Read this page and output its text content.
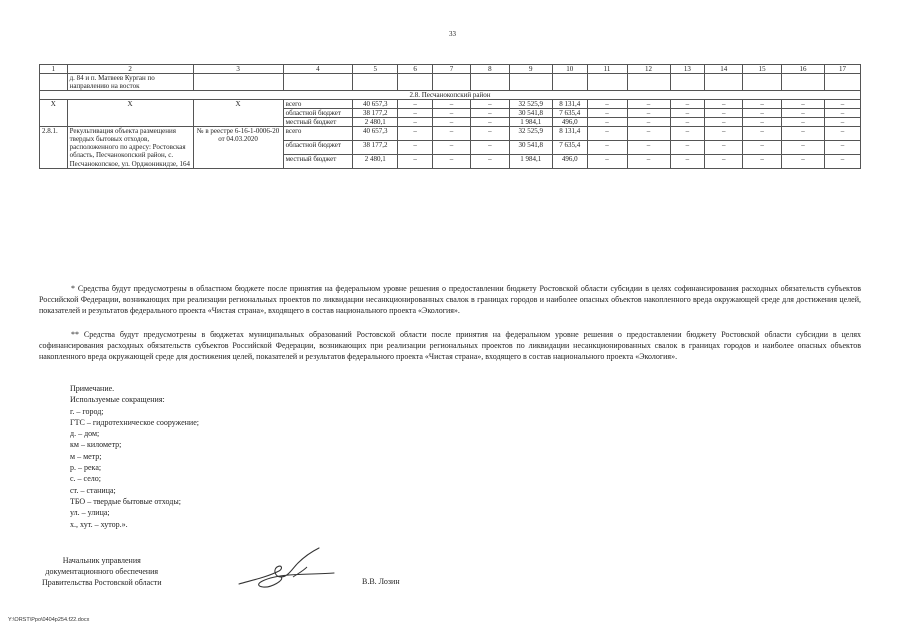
33
1	2	3	4	5	6	7	8	9	10	11	12	13	14	15	16	17
	д. 84 и п. Матвеев Курган по направлению на восток															
2.8. Песчанокопский район																
X	X	X	всего	40 657,3	–	–	–	32 525,9	8 131,4	–	–	–	–	–	–	–
			областной бюджет	38 177,2	–	–	–	30 541,8	7 635,4	–	–	–	–	–	–	–
			местный бюджет	2 480,1	–	–	–	1 984,1	496,0	–	–	–	–	–	–	–
2.8.1.	Рекультивация объекта размещения твердых бытовых отходов, расположенного по адресу: Ростовская область, Песчанокопский район, с. Песчанокопское, ул. Орджоникидзе, 164	№ в реестре 6-16-1-0006-20 от 04.03.2020	всего	40 657,3	–	–	–	32 525,9	8 131,4	–	–	–	–	–	–	–
			областной бюджет	38 177,2	–	–	–	30 541,8	7 635,4	–	–	–	–	–	–	–
			местный бюджет	2 480,1	–	–	–	1 984,1	496,0	–	–	–	–	–	–	–

* Средства будут предусмотрены в областном бюджете после принятия на федеральном уровне решения о предоставлении бюджету Ростовской области субсидии в целях софинансирования расходных обязательств субъектов Российской Федерации, возникающих при реализации региональных проектов по ликвидации несанкционированных свалок в границах городов и наиболее опасных объектов накопленного вреда окружающей среде для достижения целей, показателей и результатов федерального проекта «Чистая страна», входящего в состав национального проекта «Экология».

** Средства будут предусмотрены в бюджетах муниципальных образований Ростовской области после принятия на федеральном уровне решения о предоставлении бюджету Ростовской области субсидии в целях софинансирования расходных обязательств субъектов Российской Федерации, возникающих при реализации региональных проектов по ликвидации несанкционированных свалок в границах городов и наиболее опасных объектов накопленного вреда окружающей среде для достижения целей, показателей и результатов федерального проекта «Чистая страна», входящего в состав национального проекта «Экология».

Примечание.
Используемые сокращения:
г. – город;
ГТС – гидротехническое сооружение;
д. – дом;
км – километр;
м – метр;
р. – река;
с. – село;
ст. – станица;
ТБО – твердые бытовые отходы;
ул. – улица;
х., хут. – хутор.».
Начальник управления
документационного обеспечения
Правительства Ростовской области	В.В. Лозин
Y:\ORST\Ppo\0404p254.f22.docx
